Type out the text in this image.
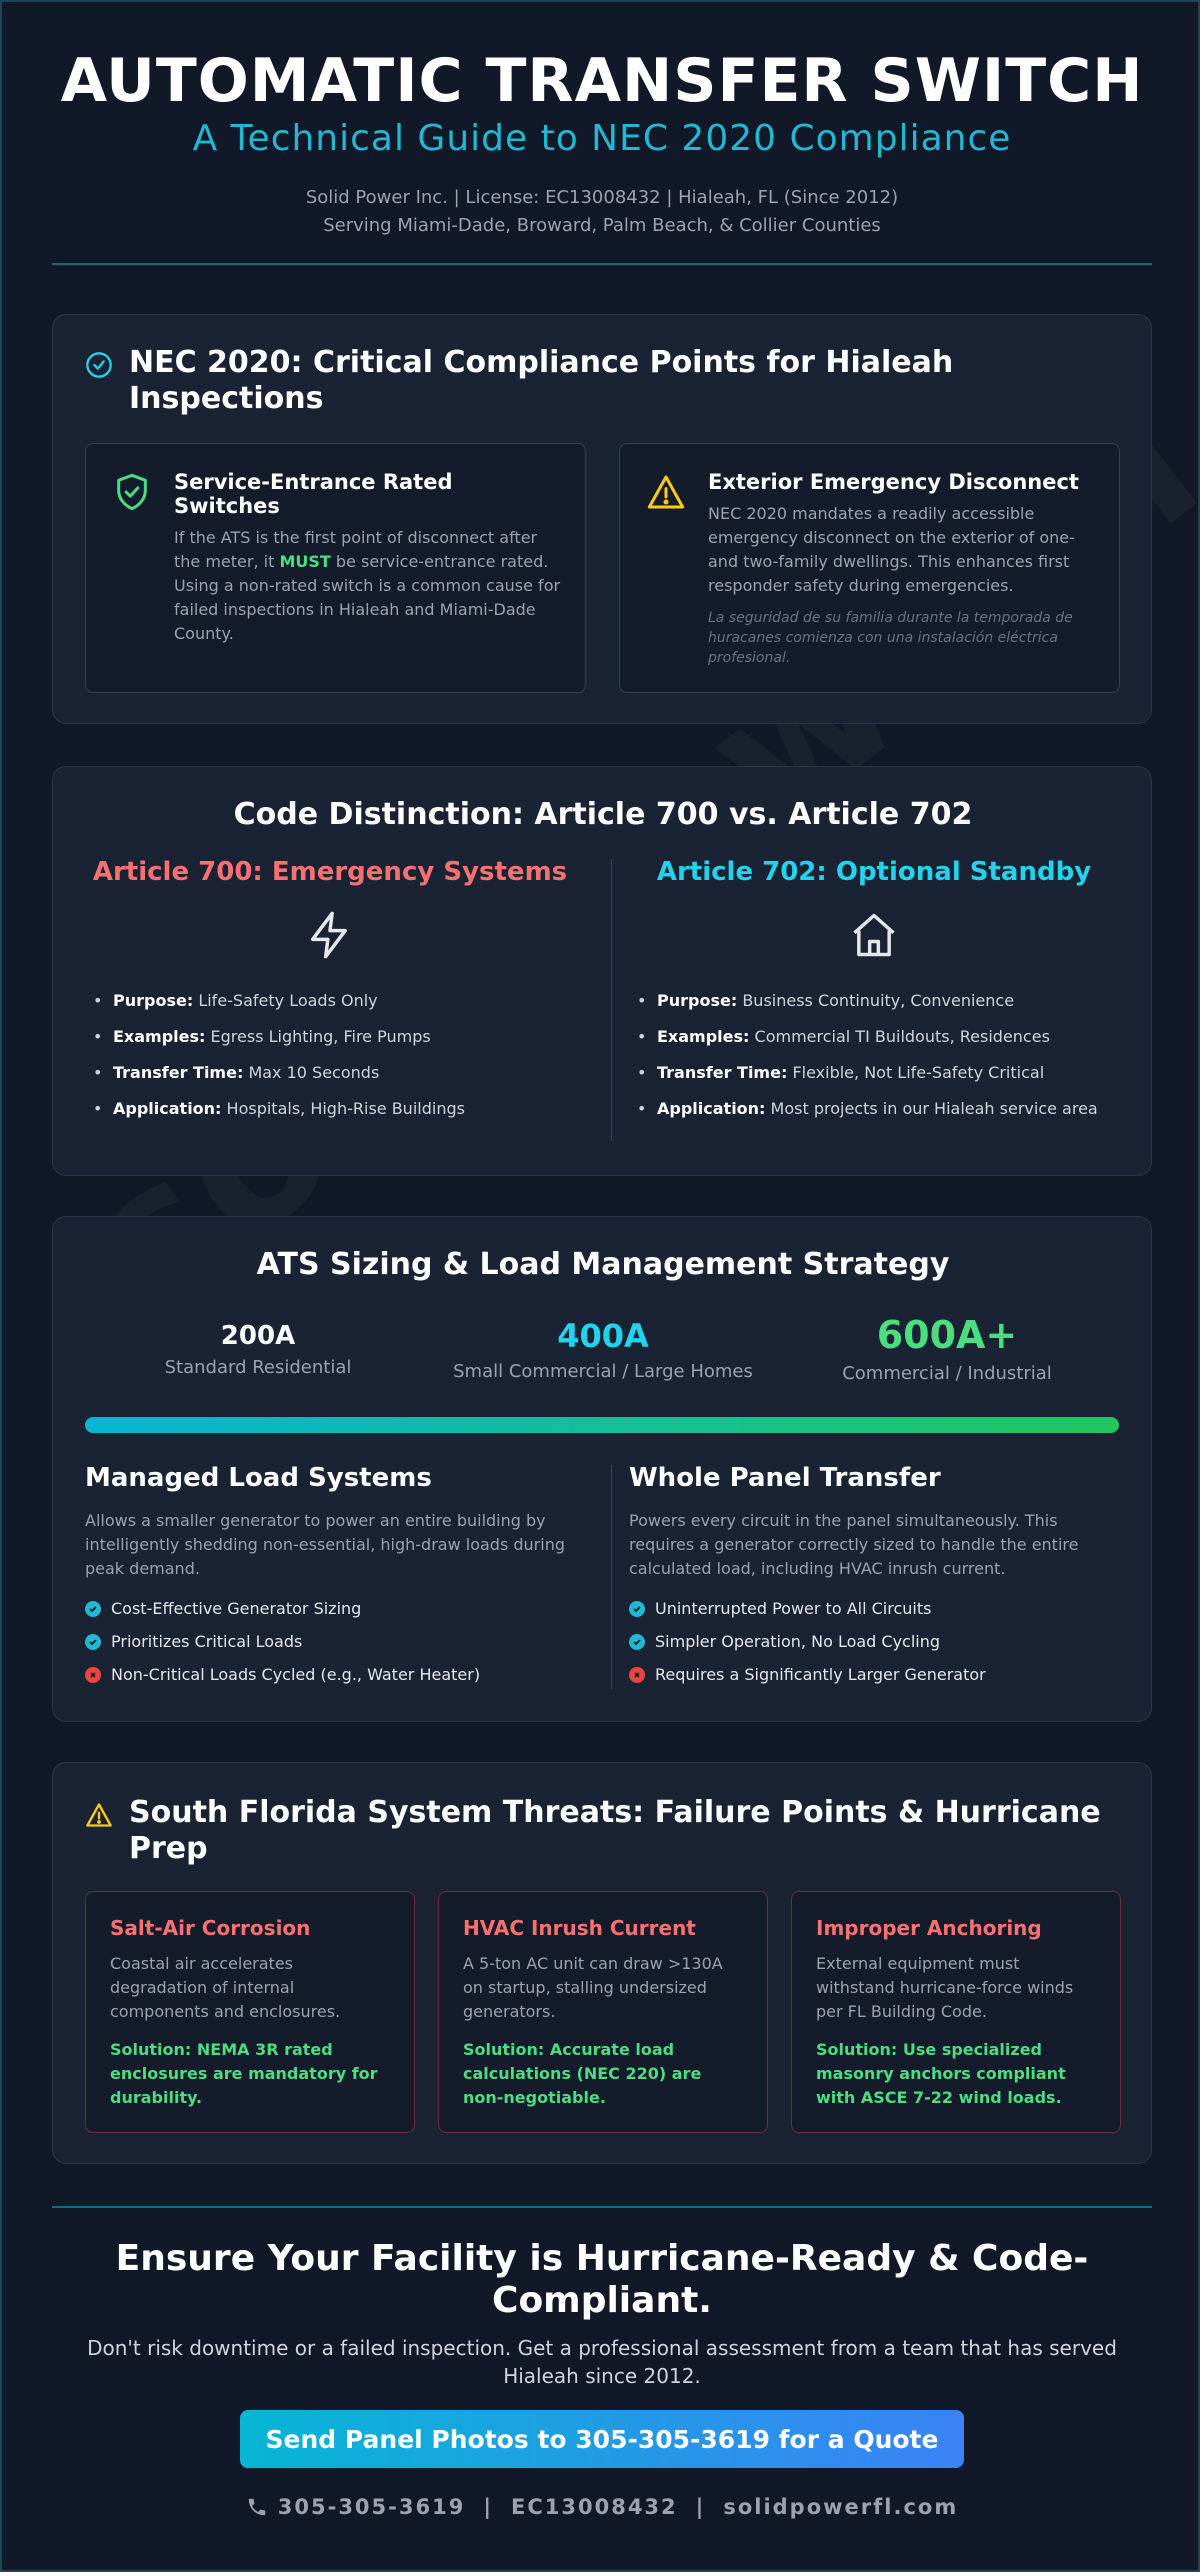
AUTOMATIC TRANSFER SWITCH
A Technical Guide to NEC 2020 Compliance
Solid Power Inc. | License: EC13008432 | Hialeah, FL (Since 2012)
Serving Miami-Dade, Broward, Palm Beach, & Collier Counties
NEC 2020: Critical Compliance Points for Hialeah Inspections
Service-Entrance Rated Switches
If the ATS is the first point of disconnect after the meter, it MUST be service-entrance rated. Using a non-rated switch is a common cause for failed inspections in Hialeah and Miami-Dade County.
Exterior Emergency Disconnect
NEC 2020 mandates a readily accessible emergency disconnect on the exterior of one- and two-family dwellings. This enhances first responder safety during emergencies.
La seguridad de su familia durante la temporada de huracanes comienza con una instalación eléctrica profesional.
Code Distinction: Article 700 vs. Article 702
Article 700: Emergency Systems
• Purpose: Life-Safety Loads Only
• Examples: Egress Lighting, Fire Pumps
• Transfer Time: Max 10 Seconds
• Application: Hospitals, High-Rise Buildings
Article 702: Optional Standby
• Purpose: Business Continuity, Convenience
• Examples: Commercial TI Buildouts, Residences
• Transfer Time: Flexible, Not Life-Safety Critical
• Application: Most projects in our Hialeah service area
ATS Sizing & Load Management Strategy
200A
Standard Residential
400A
Small Commercial / Large Homes
600A+
Commercial / Industrial
Managed Load Systems
Allows a smaller generator to power an entire building by intelligently shedding non-essential, high-draw loads during peak demand.
Cost-Effective Generator Sizing
Prioritizes Critical Loads
Non-Critical Loads Cycled (e.g., Water Heater)
Whole Panel Transfer
Powers every circuit in the panel simultaneously. This requires a generator correctly sized to handle the entire calculated load, including HVAC inrush current.
Uninterrupted Power to All Circuits
Simpler Operation, No Load Cycling
Requires a Significantly Larger Generator
South Florida System Threats: Failure Points & Hurricane Prep
Salt-Air Corrosion
Coastal air accelerates degradation of internal components and enclosures.
Solution: NEMA 3R rated enclosures are mandatory for durability.
HVAC Inrush Current
A 5-ton AC unit can draw >130A on startup, stalling undersized generators.
Solution: Accurate load calculations (NEC 220) are non-negotiable.
Improper Anchoring
External equipment must withstand hurricane-force winds per FL Building Code.
Solution: Use specialized masonry anchors compliant with ASCE 7-22 wind loads.
Ensure Your Facility is Hurricane-Ready & Code-Compliant.
Don't risk downtime or a failed inspection. Get a professional assessment from a team that has served Hialeah since 2012.
Send Panel Photos to 305-305-3619 for a Quote
305-305-3619 | EC13008432 | solidpowerfl.com
